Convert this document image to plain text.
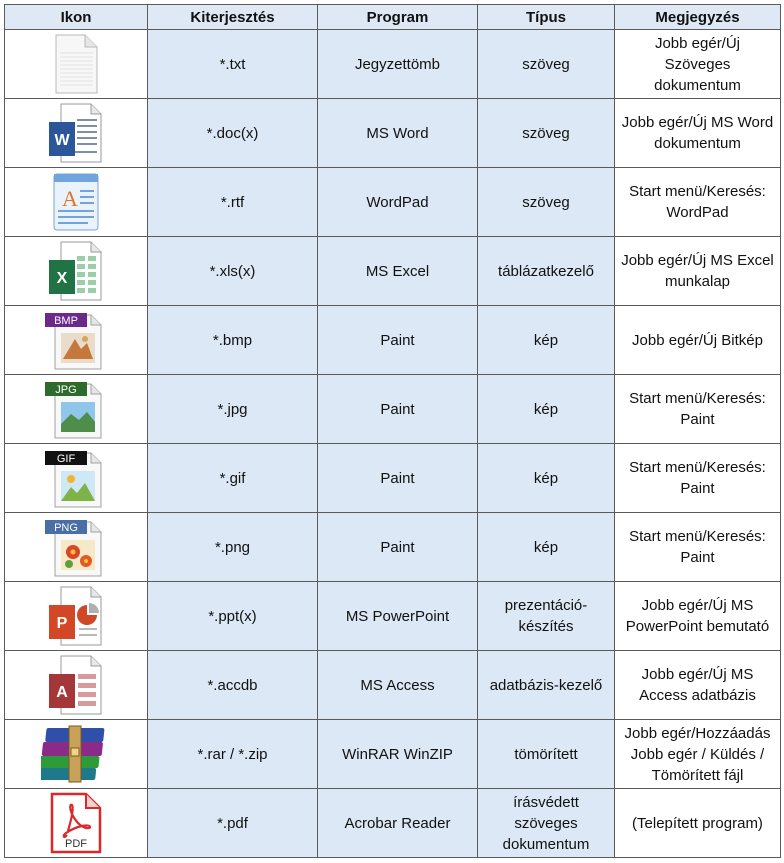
Ikon	Kiterjesztés	Program	Típus	Megjegyzés

	*.txt	Jegyzettömb	szöveg	Jobb egér/Új Szöveges dokumentum

W	*.doc(x)	MS Word	szöveg	Jobb egér/Új MS Word dokumentum

A	*.rtf	WordPad	szöveg	Start menü/Keresés: WordPad

X	*.xls(x)	MS Excel	táblázatkezelő	Jobb egér/Új MS Excel munkalap

BMP	*.bmp	Paint	kép	Jobb egér/Új Bitkép

JPG	*.jpg	Paint	kép	Start menü/Keresés: Paint

GIF	*.gif	Paint	kép	Start menü/Keresés: Paint

PNG	*.png	Paint	kép	Start menü/Keresés: Paint

P	*.ppt(x)	MS PowerPoint	prezentáció-készítés	Jobb egér/Új MS PowerPoint bemutató

A	*.accdb	MS Access	adatbázis-kezelő	Jobb egér/Új MS Access adatbázis

	*.rar / *.zip	WinRAR WinZIP	tömörített	Jobb egér/Hozzáadás Jobb egér / Küldés / Tömörített fájl

PDF	*.pdf	Acrobar Reader	írásvédett szöveges dokumentum	(Telepített program)
